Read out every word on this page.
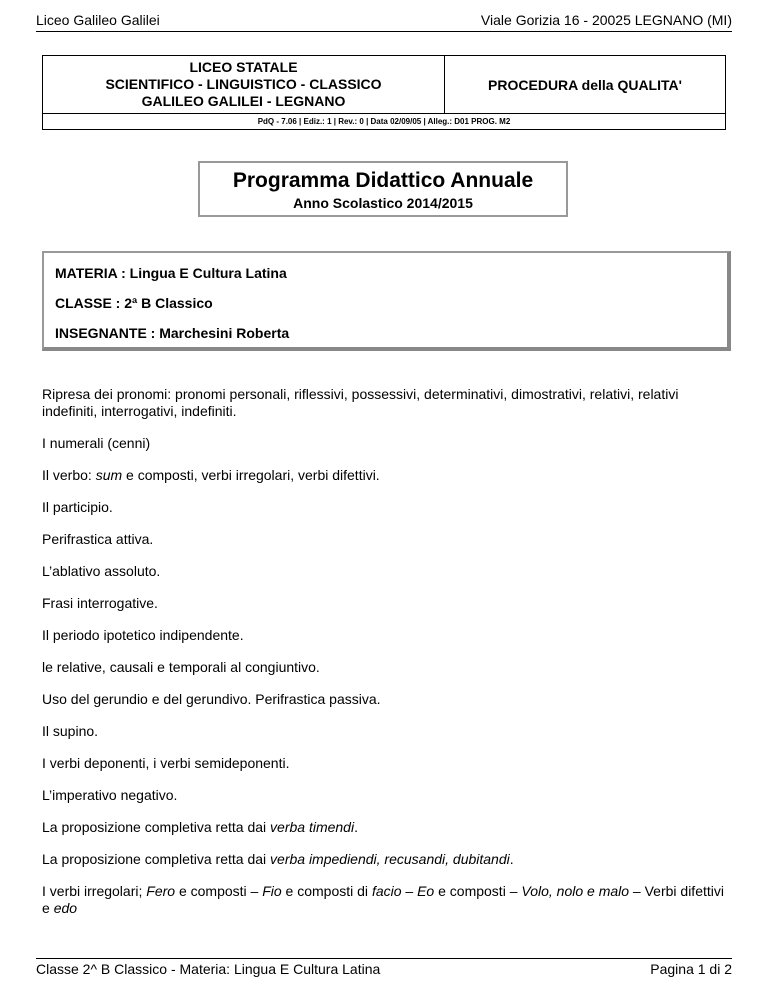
Liceo Galileo Galilei	Viale Gorizia 16 - 20025 LEGNANO (MI)
LICEO STATALE
SCIENTIFICO - LINGUISTICO - CLASSICO
GALILEO GALILEI - LEGNANO
PROCEDURA della QUALITA'
PdQ - 7.06 | Ediz.: 1 | Rev.: 0 | Data 02/09/05 | Alleg.: D01 PROG. M2
Programma Didattico Annuale
Anno Scolastico 2014/2015
MATERIA : Lingua E Cultura Latina
CLASSE : 2ª B Classico
INSEGNANTE : Marchesini Roberta

Ripresa dei pronomi: pronomi personali, riflessivi, possessivi, determinativi, dimostrativi, relativi, relativi indefiniti, interrogativi, indefiniti.

I numerali (cenni)

Il verbo: sum e composti, verbi irregolari, verbi difettivi.

Il participio.

Perifrastica attiva.

L’ablativo assoluto.

Frasi interrogative.

Il periodo ipotetico indipendente.

le relative, causali e temporali al congiuntivo.

Uso del gerundio e del gerundivo. Perifrastica passiva.

Il supino.

I verbi deponenti, i verbi semideponenti.

L’imperativo negativo.

La proposizione completiva retta dai verba timendi.

La proposizione completiva retta dai verba impediendi, recusandi, dubitandi.

I verbi irregolari; Fero e composti – Fio e composti di facio – Eo e composti – Volo, nolo e malo – Verbi difettivi e edo

Classe 2^ B Classico - Materia: Lingua E Cultura Latina	Pagina 1 di 2
